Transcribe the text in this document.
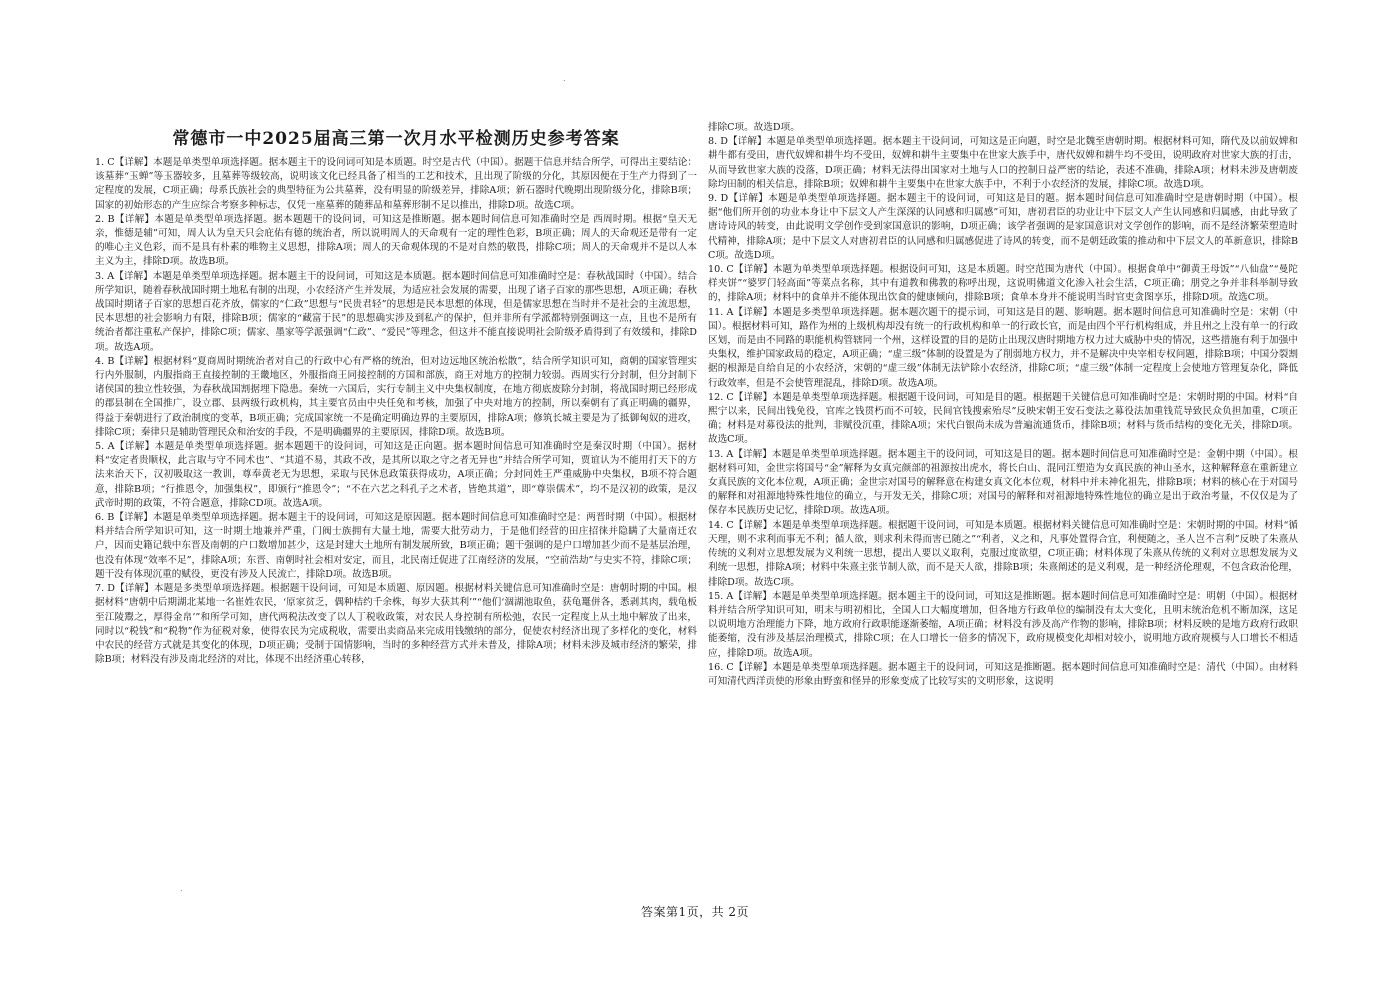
.
常德市一中2025届高三第一次月水平检测历史参考答案

1. C【详解】本题是单类型单项选择题。据本题主干的设问词可知是本质题。时空是古代（中国）。据题干信息并结合所学，可得出主要结论：该墓葬“玉蝉”等玉器较多，且墓葬等级较高，说明该文化已经具备了相当的工艺和技术，且出现了阶级的分化，其原因便在于生产力得到了一定程度的发展，C项正确；母系氏族社会的典型特征为公共墓葬，没有明显的阶级差异，排除A项；新石器时代晚期出现阶级分化，排除B项；国家的初始形态的产生应综合考察多种标志，仅凭一座墓葬的随葬品和墓葬形制不足以推出，排除D项。故选C项。

2. B【详解】本题是单类型单项选择题。据本题题干的设问词，可知这是推断题。据本题时间信息可知准确时空是 西周时期。根据“皇天无亲，惟德是辅”可知，周人认为皇天只会庇佑有德的统治者，所以说明周人的天命观有一定的理性色彩，B项正确；周人的天命观还是带有一定的唯心主义色彩，而不是具有朴素的唯物主义思想，排除A项；周人的天命观体现的不是对自然的敬畏，排除C项；周人的天命观并不是以人本主义为主，排除D项。故选B项。

3. A【详解】本题是单类型单项选择题。据本题主干的设问词，可知这是本质题。据本题时间信息可知准确时空是：春秋战国时（中国）。结合所学知识，随着春秋战国时期土地私有制的出现，小农经济产生并发展，为适应社会发展的需要，出现了诸子百家的那些思想，A项正确；春秋战国时期诸子百家的思想百花齐放，儒家的“仁政”思想与“民贵君轻”的思想是民本思想的体现，但是儒家思想在当时并不是社会的主流思想，民本思想的社会影响力有限，排除B项；儒家的“藏富于民”的思想确实涉及到私产的保护，但并非所有学派都特别强调这一点，且也不是所有统治者都注重私产保护，排除C项；儒家、墨家等学派强调“仁政”、“爱民”等理念，但这并不能直接说明社会阶级矛盾得到了有效缓和，排除D项。故选A项。

4. B【详解】根据材料“夏商周时期统治者对自己的行政中心有严格的统治，但对边远地区统治松散”，结合所学知识可知，商朝的国家管理实行内外服制，内服指商王直接控制的王畿地区，外服指商王同接控制的方国和部族，商王对地方的控制力较弱。西周实行分封制，但分封制下诸侯国的独立性较强，为春秋战国割据埋下隐患。秦统一六国后，实行专制主义中央集权制度，在地方彻底废除分封制，将战国时期已经形成的郡县制在全国推广，设立郡、县两级行政机构，其主要官员由中央任免和考核，加强了中央对地方的控制，所以秦朝有了真正明确的疆界，得益于秦朝进行了政治制度的变革，B项正确；完成国家统一不是确定明确边界的主要原因，排除A项；修筑长城主要是为了抵御匈奴的进攻，排除C项；秦律只是辅助管理民众和治安的手段，不是明确疆界的主要原因，排除D项。故选B项。

5. A【详解】本题是单类型单项选择题。据本题题干的设问词，可知这是正向题。据本题时间信息可知准确时空是秦汉时期（中国）。据材料“安定者贵顺权，此言取与守不同术也”、“其道不易，其政不改，是其所以取之守之者无异也”并结合所学可知，贾谊认为不能用打天下的方法来治天下，汉初吸取这一教训，尊奉黄老无为思想，采取与民休息政策获得成功，A项正确；分封同姓王严重威胁中央集权，B项不符合题意，排除B项；“行推恩令，加强集权”，即颁行“推恩令”；“不在六艺之科孔子之术者，皆绝其道”，即“尊崇儒术”，均不是汉初的政策，是汉武帝时期的政策，不符合题意，排除CD项。故选A项。

6. B【详解】本题是单类型单项选择题。据本题主干的设问词，可知这是原因题。据本题时间信息可知准确时空是：两晋时期（中国）。根据材料并结合所学知识可知，这一时期土地兼并严重，门阀士族拥有大量土地，需要大批劳动力，于是他们经营的田庄招徕并隐瞒了大量南迁农户，因而史籍记载中东晋及南朝的户口数增加甚少，这是封建大土地所有制发展所致，B项正确；题干强调的是户口增加甚少而不是基层治理，也没有体现“效率不足”，排除A项；东晋、南朝时社会相对安定，而且，北民南迁促进了江南经济的发展，“空前浩劫”与史实不符，排除C项；题干没有体现沉重的赋役，更没有涉及人民流亡，排除D项。故选B项。

7. D【详解】本题是多类型单项选择题。根据题干设问词，可知是本质题、原因题。根据材料关键信息可知准确时空是：唐朝时期的中国。根据材料“唐朝中后期湖北某地一名崔姓农民，‘原家贫乏，偶种桔约千余株，每岁大获其利’”“他们‘涸湖池取鱼，获龟鼍併各，悉剥其肉，载龟板至江陵鬻之，厚得金帛’”和所学可知，唐代两税法改变了以人丁税收政策，对农民人身控制有所松弛，农民一定程度上从土地中解放了出来，同时以“税钱”和“税物”作为征税对象，使得农民为完成税收，需要出卖商品来完成用钱缴纳的部分，促使农村经济出现了多样化的变化，材料中农民的经营方式就是其变化的体现，D项正确；受制于国情影响，当时的多种经营方式并未普及，排除A项；材料未涉及城市经济的繁荣，排除B项；材料没有涉及南北经济的对比，体现不出经济重心转移，

排除C项。故选D项。

8. D【详解】本题是单类型单项选择题。据本题主干设问词，可知这是正向题，时空是北魏至唐朝时期。根据材料可知，隋代及以前奴婢和耕牛都有受田，唐代奴婢和耕牛均不受田，奴婢和耕牛主要集中在世家大族手中，唐代奴婢和耕牛均不受田，说明政府对世家大族的打击，从而导致世家大族的没落，D项正确；材料无法得出国家对土地与人口的控制日益严密的结论，表述不准确，排除A项；材料未涉及唐朝废除均田制的相关信息，排除B项；奴婢和耕牛主要集中在世家大族手中，不利于小农经济的发展，排除C项。故选D项。

9. D【详解】本题是单类型单项选择题。据本题主干的设问词，可知这是目的题。据本题时间信息可知准确时空是唐朝时期（中国）。根据“他们所开创的功业本身让中下层文人产生深深的认同感和归属感”可知，唐初君臣的功业让中下层文人产生认同感和归属感，由此导致了唐诗诗风的转变，由此说明文学创作受到家国意识的影响，D项正确；该学者强调的是家国意识对文学创作的影响，而不是经济繁荣塑造时代精神，排除A项；是中下层文人对唐初君臣的认同感和归属感促进了诗风的转变，而不是朝廷政策的推动和中下层文人的革新意识，排除BC项。故选D项。

10. C【详解】本题为单类型单项选择题。根据设问可知，这是本质题。时空范围为唐代（中国）。根据食单中“御黄王母饭”“八仙盘”“曼陀样夹饼”“婆罗门轻高面”等菜点名称，其中有道教和佛教的称呼出现，这说明佛道文化渗入社会生活，C项正确；朋党之争并非科举制导致的，排除A项；材料中的食单并不能体现出饮食的健康倾向，排除B项；食单本身并不能说明当时官吏贪图享乐，排除D项。故选C项。

11. A【详解】本题是多类型单项选择题。据本题次题干的提示词，可知这是目的题、影响题。据本题时间信息可知准确时空是：宋朝（中国）。根据材料可知，路作为州的上级机构却没有统一的行政机构和单一的行政长官，而是由四个平行机构组成，并且州之上没有单一的行政区划，而是由不同路的职能机构管辖同一个州，这样设置的目的是防止出现汉唐时期地方权力过大威胁中央的情况，这些措施有利于加强中央集权，维护国家政局的稳定，A项正确；“虚三级”体制的设置是为了削弱地方权力，并不是解决中央宰相专权问题，排除B项；中国分裂割据的根源是自给自足的小农经济，宋朝的“虚三级”体制无法铲除小农经济，排除C项；“虚三级”体制一定程度上会使地方管理复杂化，降低行政效率，但是不会使管理混乱，排除D项。故选A项。

12. C【详解】本题是单类型单项选择题。根据题干设问词，可知是目的题。根据题干关键信息可知准确时空是：宋朝时期的中国。材料“自熙宁以来，民间出钱免役，官库之钱贯朽而不可较，民间官钱搜索殆尽”反映宋朝王安石变法之募役法加重钱荒导致民众负担加重，C项正确；材料是对募役法的批判，非赋役沉重，排除A项；宋代白银尚未成为普遍流通货币，排除B项；材料与货币结构的变化无关，排除D项。故选C项。

13. A【详解】本题是单类型单项选择题。据本题主干的设问词，可知这是目的题。据本题时间信息可知准确时空是：金朝中期（中国）。根据材料可知，金世宗将国号“金”解释为女真完颜部的祖源按出虎水，将长白山、混同江塑造为女真民族的神山圣水，这种解释意在重新建立女真民族的文化本位观，A项正确；金世宗对国号的解释意在构建女真文化本位观，材料中并未神化祖先，排除B项；材料的核心在于对国号的解释和对祖源地特殊性地位的确立，与开发无关，排除C项；对国号的解释和对祖源地特殊性地位的确立是出于政治考量，不仅仅是为了保存本民族历史记忆，排除D项。故选A项。

14. C【详解】本题是单类型单项选择题。根据题干设问词，可知是本质题。根据材料关键信息可知准确时空是：宋朝时期的中国。材料“循天理，则不求利而事无不利；循人欲，则求利未得而害已随之”“利者，义之和，凡事处置得合宜，利便随之，圣人岂不言利”反映了朱熹从传统的义利对立思想发展为义利统一思想，提出人要以义取利，克服过度欲望，C项正确；材料体现了朱熹从传统的义利对立思想发展为义利统一思想，排除A项；材料中朱熹主张节制人欲，而不是天人欲，排除B项；朱熹阐述的是义利观，是一种经济伦理观，不包含政治伦理，排除D项。故选C项。

15. A【详解】本题是单类型单项选择题。据本题主干的设问词，可知这是推断题。据本题时间信息可知准确时空是：明朝（中国）。根据材料并结合所学知识可知，明末与明初相比，全国人口大幅度增加，但各地方行政单位的编制没有太大变化，且明末统治危机不断加深，这足以说明地方治理能力下降，地方政府行政职能逐渐萎缩，A项正确；材料没有涉及高产作物的影响，排除B项；材料反映的是地方政府行政职能萎缩，没有涉及基层治理模式，排除C项；在人口增长一倍多的情况下，政府规模变化却相对较小，说明地方政府规模与人口增长不相适应，排除D项。故选A项。

16. C【详解】本题是单类型单项选择题。据本题主干的设问词，可知这是推断题。据本题时间信息可知准确时空是：清代（中国）。由材料可知清代西洋贡使的形象由野蛮和怪异的形象变成了比较写实的文明形象，这说明

.
答案第1页，共 2页
